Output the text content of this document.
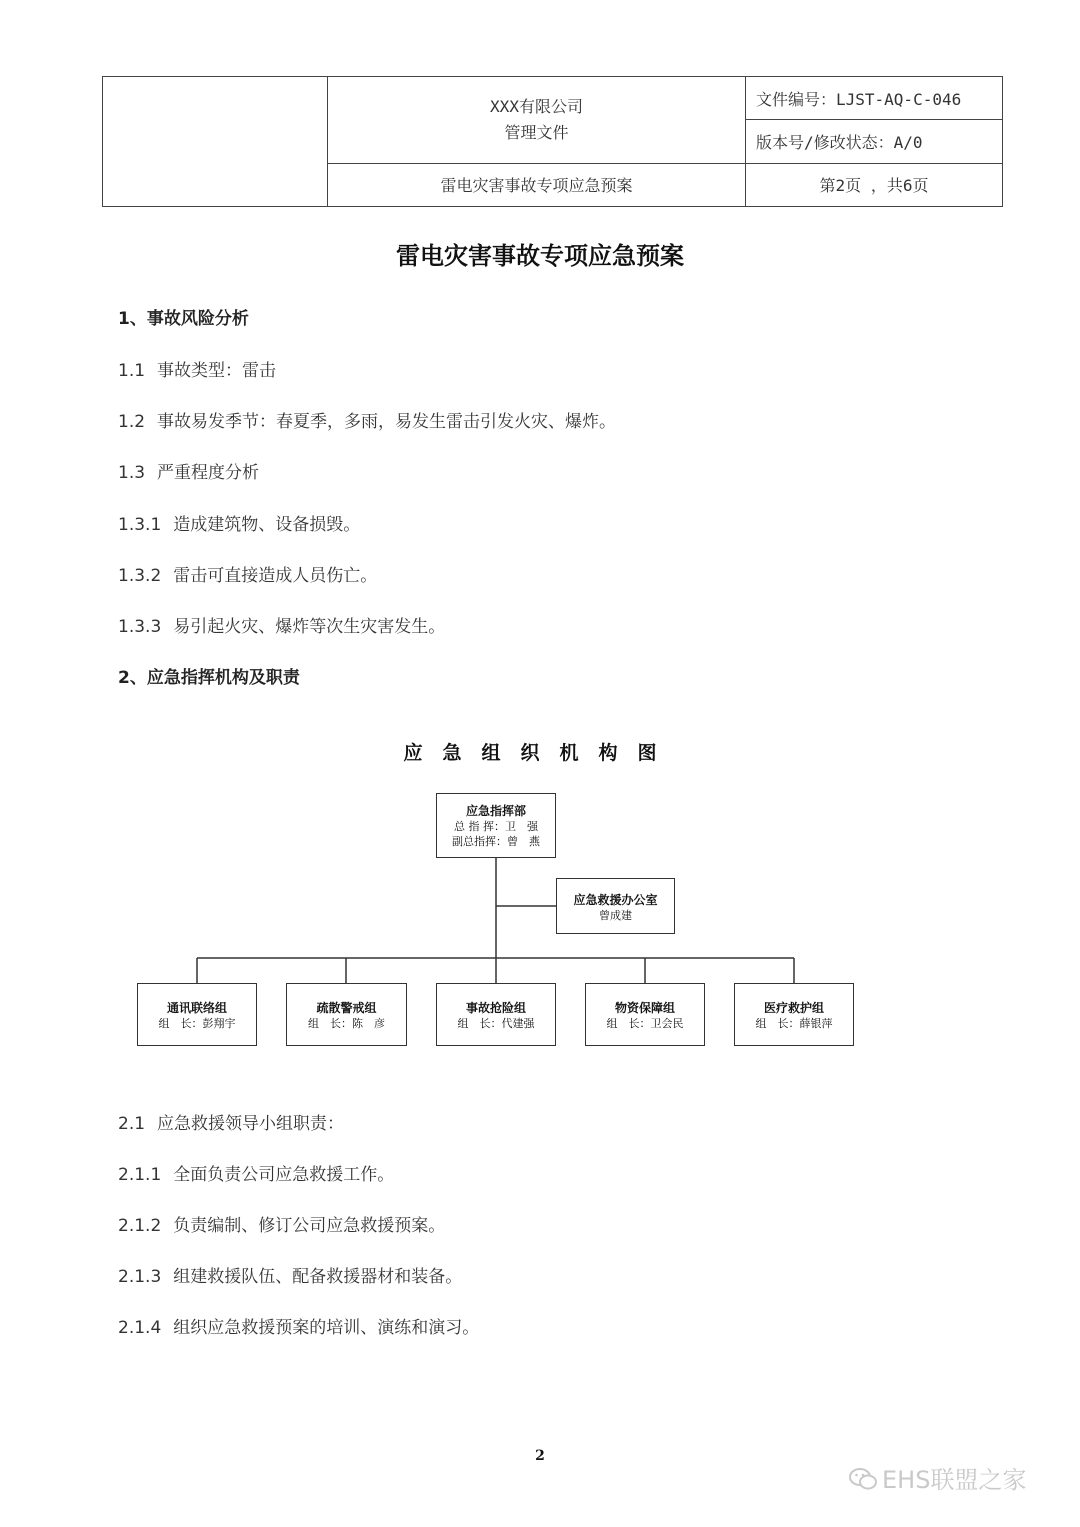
	XXX有限公司
管理文件	文件编号：LJST-AQ-C-046
		版本号/修改状态：A/0
	雷电灾害事故专项应急预案	第2页 ，共6页
雷电灾害事故专项应急预案

1、事故风险分析

1.1 事故类型：雷击

1.2 事故易发季节：春夏季，多雨，易发生雷击引发火灾、爆炸。

1.3 严重程度分析

1.3.1 造成建筑物、设备损毁。

1.3.2 雷击可直接造成人员伤亡。

1.3.3 易引起火灾、爆炸等次生灾害发生。

2、应急指挥机构及职责

应急组织机构图

应急指挥部
总 指 挥：卫　强
副总指挥：曾　燕
应急救援办公室
曾成建
通讯联络组
组　长：彭翔宇
疏散警戒组
组　长：陈　彦
事故抢险组
组　长：代建强
物资保障组
组　长：卫会民
医疗救护组
组　长：薛银萍

2.1 应急救援领导小组职责：

2.1.1 全面负责公司应急救援工作。

2.1.2 负责编制、修订公司应急救援预案。

2.1.3 组建救援队伍、配备救援器材和装备。

2.1.4 组织应急救援预案的培训、演练和演习。

2
EHS联盟之家
